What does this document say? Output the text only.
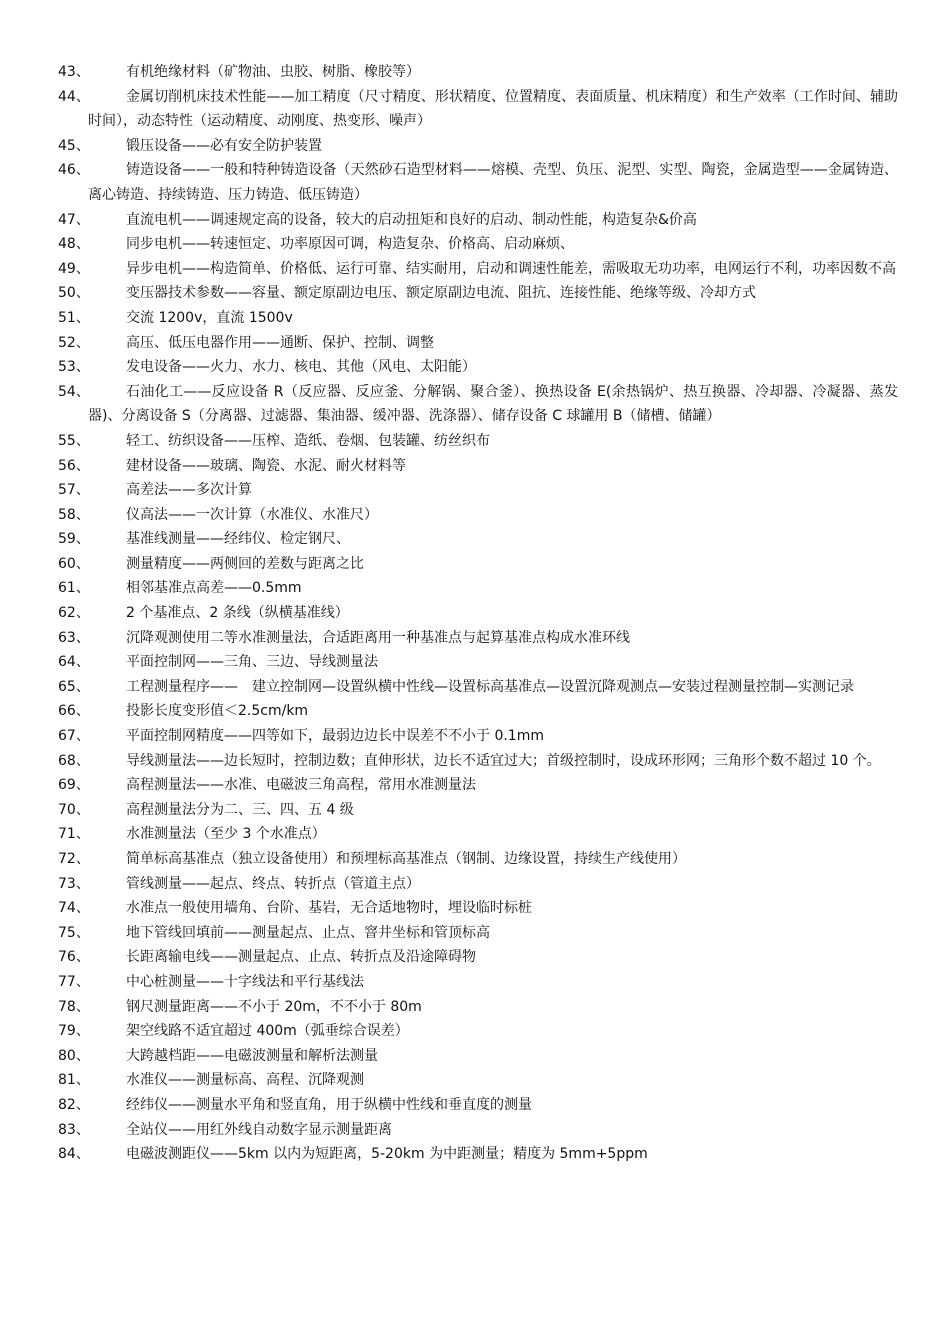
43、	有机绝缘材料（矿物油、虫胶、树脂、橡胶等）
44、	金属切削机床技术性能——加工精度（尺寸精度、形状精度、位置精度、表面质量、机床精度）和生产效率（工作时间、辅助时间），动态特性（运动精度、动刚度、热变形、噪声）
45、	锻压设备——必有安全防护装置
46、	铸造设备——一般和特种铸造设备（天然砂石造型材料——熔模、壳型、负压、泥型、实型、陶瓷，金属造型——金属铸造、离心铸造、持续铸造、压力铸造、低压铸造）
47、	直流电机——调速规定高的设备，较大的启动扭矩和良好的启动、制动性能，构造复杂&价高
48、	同步电机——转速恒定、功率原因可调，构造复杂、价格高、启动麻烦、
49、	异步电机——构造简单、价格低、运行可靠、结实耐用，启动和调速性能差，需吸取无功功率，电网运行不利，功率因数不高
50、	变压器技术参数——容量、额定原副边电压、额定原副边电流、阻抗、连接性能、绝缘等级、冷却方式
51、	交流 1200v，直流 1500v
52、	高压、低压电器作用——通断、保护、控制、调整
53、	发电设备——火力、水力、核电、其他（风电、太阳能）
54、	石油化工——反应设备 R（反应器、反应釜、分解锅、聚合釜）、换热设备 E(余热锅炉、热互换器、冷却器、冷凝器、蒸发器)、分离设备 S（分离器、过滤器、集油器、缓冲器、洗涤器）、储存设备 C 球罐用 B（储槽、储罐）
55、	轻工、纺织设备——压榨、造纸、卷烟、包装罐、纺丝织布
56、	建材设备——玻璃、陶瓷、水泥、耐火材料等
57、	高差法——多次计算
58、	仪高法——一次计算（水准仪、水准尺）
59、	基准线测量——经纬仪、检定钢尺、
60、	测量精度——两侧回的差数与距离之比
61、	相邻基准点高差——0.5mm
62、	2 个基准点、2 条线（纵横基准线）
63、	沉降观测使用二等水准测量法，合适距离用一种基准点与起算基准点构成水准环线
64、	平面控制网——三角、三边、导线测量法
65、	工程测量程序——　建立控制网—设置纵横中性线—设置标高基准点—设置沉降观测点—安装过程测量控制—实测记录
66、	投影长度变形值＜2.5cm/km
67、	平面控制网精度——四等如下，最弱边边长中误差不不小于 0.1mm
68、	导线测量法——边长短时，控制边数；直伸形状，边长不适宜过大；首级控制时，设成环形网；三角形个数不超过 10 个。
69、	高程测量法——水准、电磁波三角高程，常用水准测量法
70、	高程测量法分为二、三、四、五 4 级
71、	水准测量法（至少 3 个水准点）
72、	简单标高基准点（独立设备使用）和预埋标高基准点（钢制、边缘设置，持续生产线使用）
73、	管线测量——起点、终点、转折点（管道主点）
74、	水准点一般使用墙角、台阶、基岩，无合适地物时，埋设临时标桩
75、	地下管线回填前——测量起点、止点、窨井坐标和管顶标高
76、	长距离输电线——测量起点、止点、转折点及沿途障碍物
77、	中心桩测量——十字线法和平行基线法
78、	钢尺测量距离——不小于 20m，不不小于 80m
79、	架空线路不适宜超过 400m（弧垂综合误差）
80、	大跨越档距——电磁波测量和解析法测量
81、	水准仪——测量标高、高程、沉降观测
82、	经纬仪——测量水平角和竖直角，用于纵横中性线和垂直度的测量
83、	全站仪——用红外线自动数字显示测量距离
84、	电磁波测距仪——5km 以内为短距离，5-20km 为中距测量；精度为 5mm+5ppm
